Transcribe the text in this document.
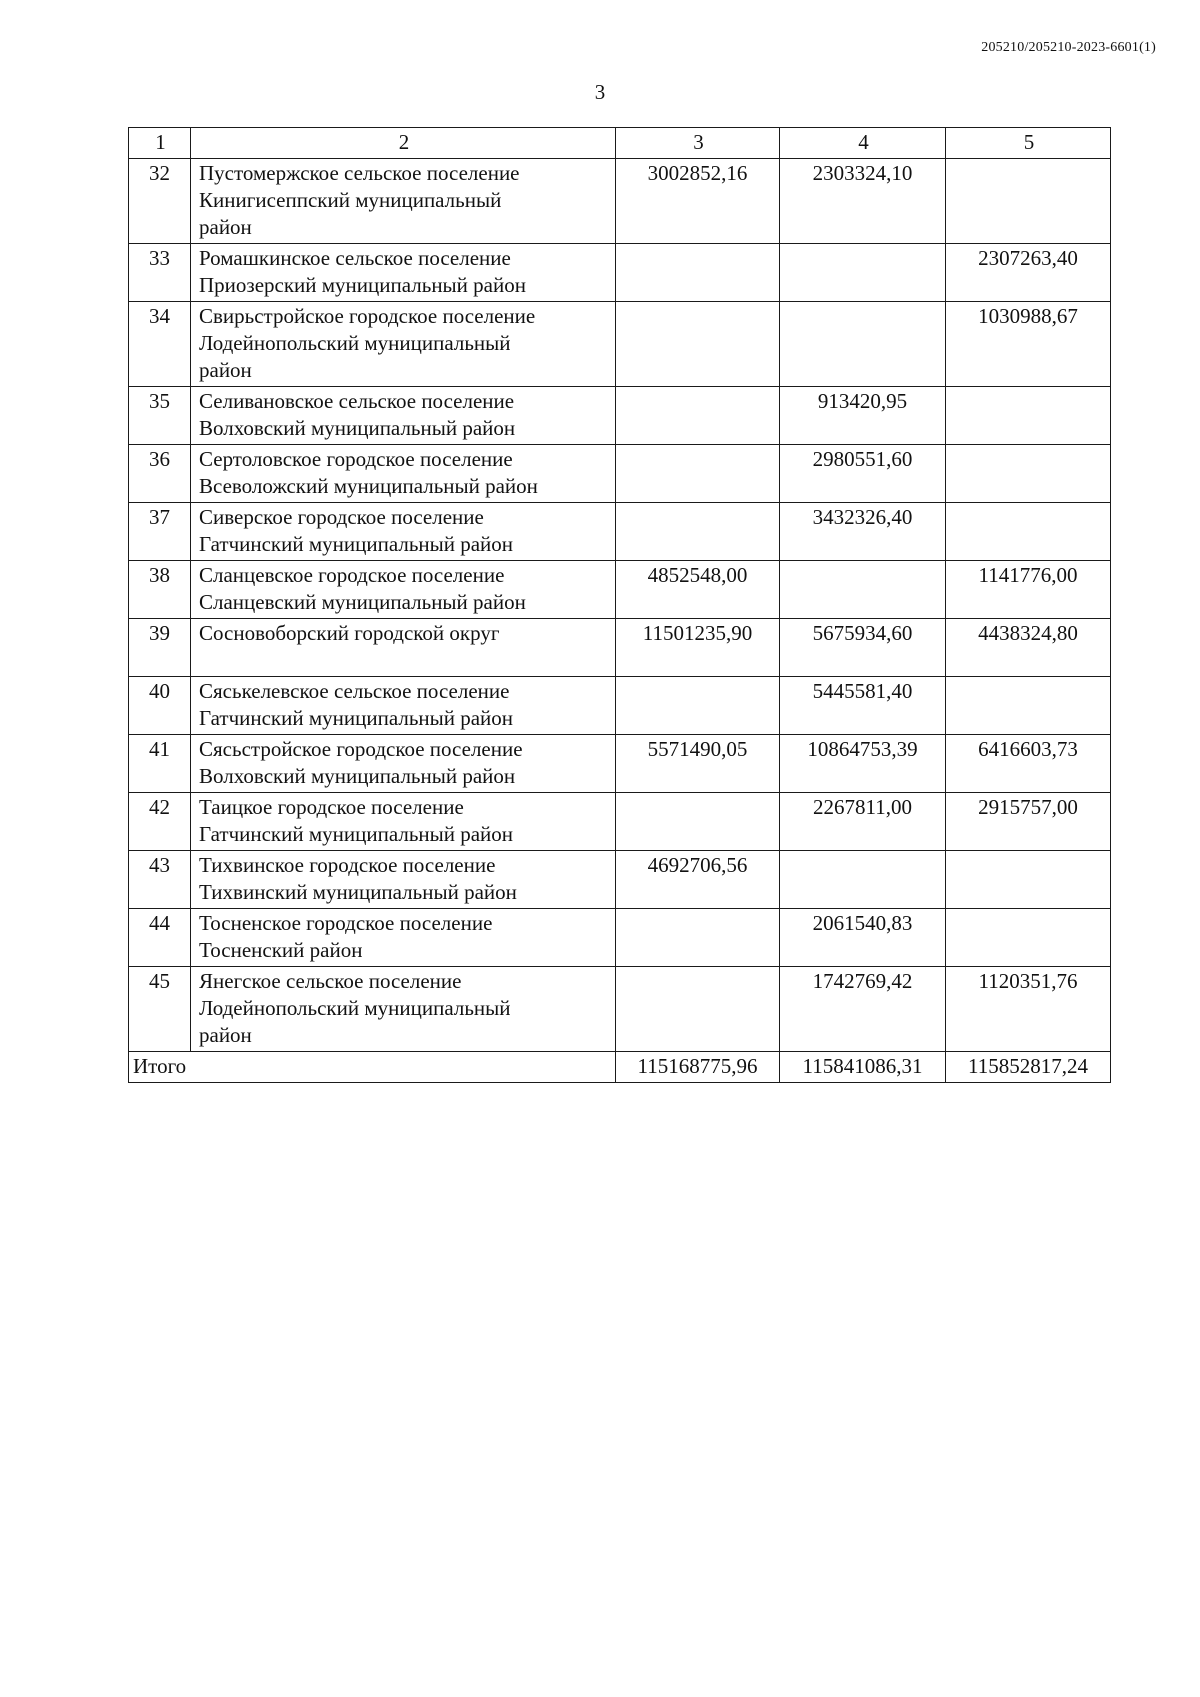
205210/205210-2023-6601(1)
3
1	2	3	4	5
32	Пустомержское сельское поселение
Кинигисеппский муниципальный
район	3002852,16	2303324,10	
33	Ромашкинское сельское поселение
Приозерский муниципальный район			2307263,40
34	Свирьстройское городское поселение
Лодейнопольский муниципальный
район			1030988,67
35	Селивановское сельское поселение
Волховский муниципальный район		913420,95	
36	Сертоловское городское поселение
Всеволожский муниципальный район		2980551,60	
37	Сиверское городское поселение
Гатчинский муниципальный район		3432326,40	
38	Сланцевское городское поселение
Сланцевский муниципальный район	4852548,00		1141776,00
39	Сосновоборский городской округ	11501235,90	5675934,60	4438324,80
40	Сяськелевское сельское поселение
Гатчинский муниципальный район		5445581,40	
41	Сясьстройское городское поселение
Волховский муниципальный район	5571490,05	10864753,39	6416603,73
42	Таицкое городское поселение
Гатчинский муниципальный район		2267811,00	2915757,00
43	Тихвинское городское поселение
Тихвинский муниципальный район	4692706,56		
44	Тосненское городское поселение
Тосненский район		2061540,83	
45	Янегское сельское поселение
Лодейнопольский муниципальный
район		1742769,42	1120351,76
Итого		115168775,96	115841086,31	115852817,24
